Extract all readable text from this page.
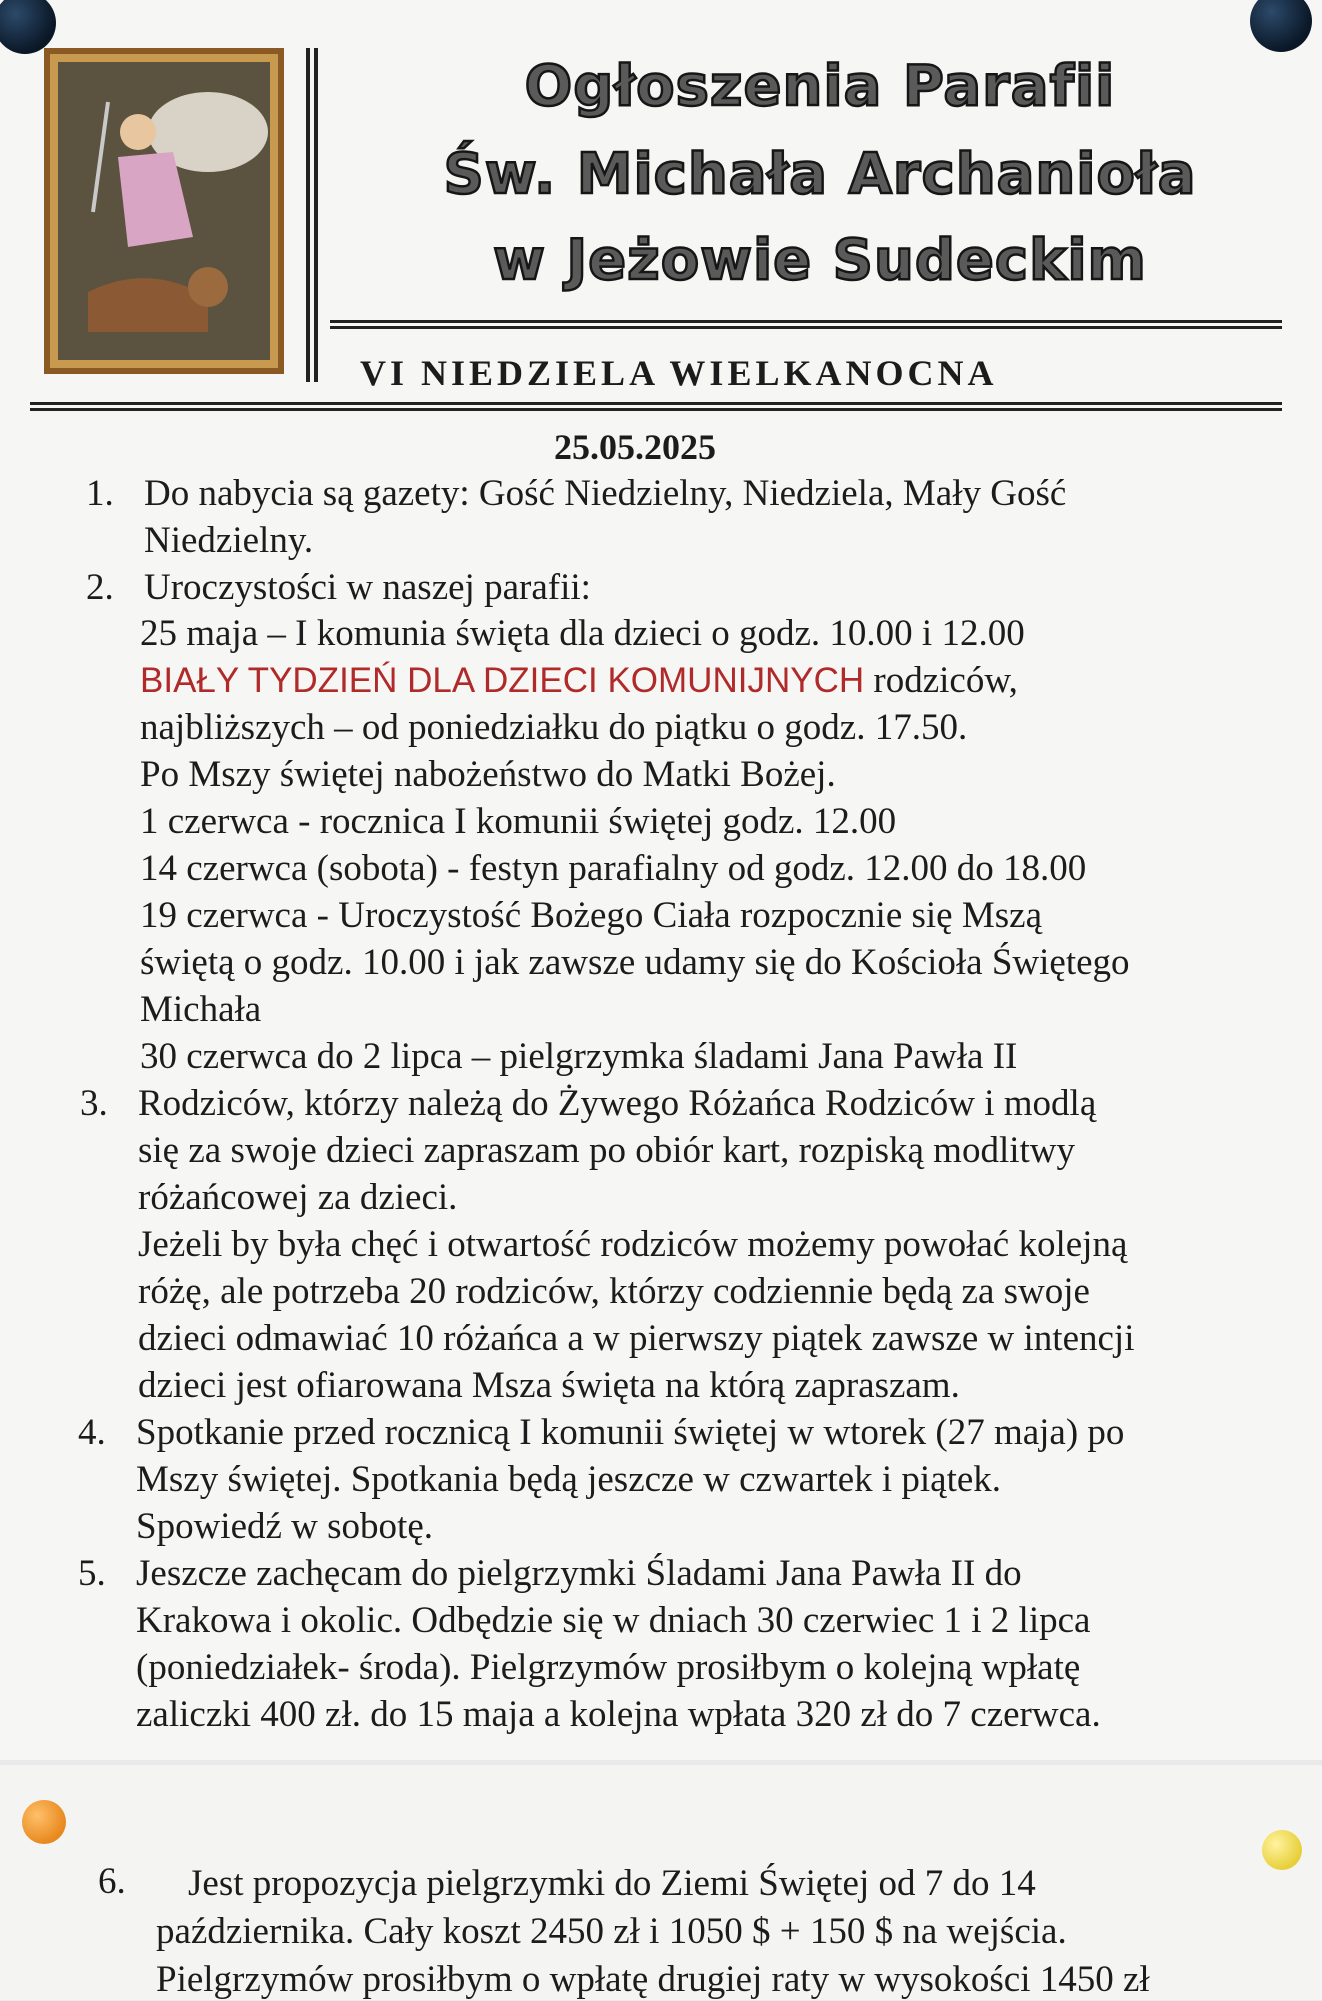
Ogłoszenia Parafii
Św. Michała Archanioła
w Jeżowie Sudeckim
VI NIEDZIELA WIELKANOCNA
25.05.2025
1. Do nabycia są gazety: Gość Niedzielny, Niedziela, Mały Gość
Niedzielny.
2. Uroczystości w naszej parafii:
25 maja – I komunia święta dla dzieci o godz. 10.00 i 12.00
BIAŁY TYDZIEŃ DLA DZIECI KOMUNIJNYCH rodziców,
najbliższych – od poniedziałku do piątku o godz. 17.50.
Po Mszy świętej nabożeństwo do Matki Bożej.
1 czerwca - rocznica I komunii świętej godz. 12.00
14 czerwca (sobota) - festyn parafialny od godz. 12.00 do 18.00
19 czerwca - Uroczystość Bożego Ciała rozpocznie się Mszą
świętą o godz. 10.00 i jak zawsze udamy się do Kościoła Świętego
Michała
30 czerwca do 2 lipca – pielgrzymka śladami Jana Pawła II
3. Rodziców, którzy należą do Żywego Różańca Rodziców i modlą
się za swoje dzieci zapraszam po obiór kart, rozpiską modlitwy
różańcowej za dzieci.
Jeżeli by była chęć i otwartość rodziców możemy powołać kolejną
różę, ale potrzeba 20 rodziców, którzy codziennie będą za swoje
dzieci odmawiać 10 różańca a w pierwszy piątek zawsze w intencji
dzieci jest ofiarowana Msza święta na którą zapraszam.
4. Spotkanie przed rocznicą I komunii świętej w wtorek (27 maja) po
Mszy świętej. Spotkania będą jeszcze w czwartek i piątek.
Spowiedź w sobotę.
5. Jeszcze zachęcam do pielgrzymki Śladami Jana Pawła II do
Krakowa i okolic. Odbędzie się w dniach 30 czerwiec 1 i 2 lipca
(poniedziałek- środa). Pielgrzymów prosiłbym o kolejną wpłatę
zaliczki 400 zł. do 15 maja a kolejna wpłata 320 zł do 7 czerwca.
6. Jest propozycja pielgrzymki do Ziemi Świętej od 7 do 14
października. Cały koszt 2450 zł i 1050 $ + 150 $ na wejścia.
Pielgrzymów prosiłbym o wpłatę drugiej raty w wysokości 1450 zł
